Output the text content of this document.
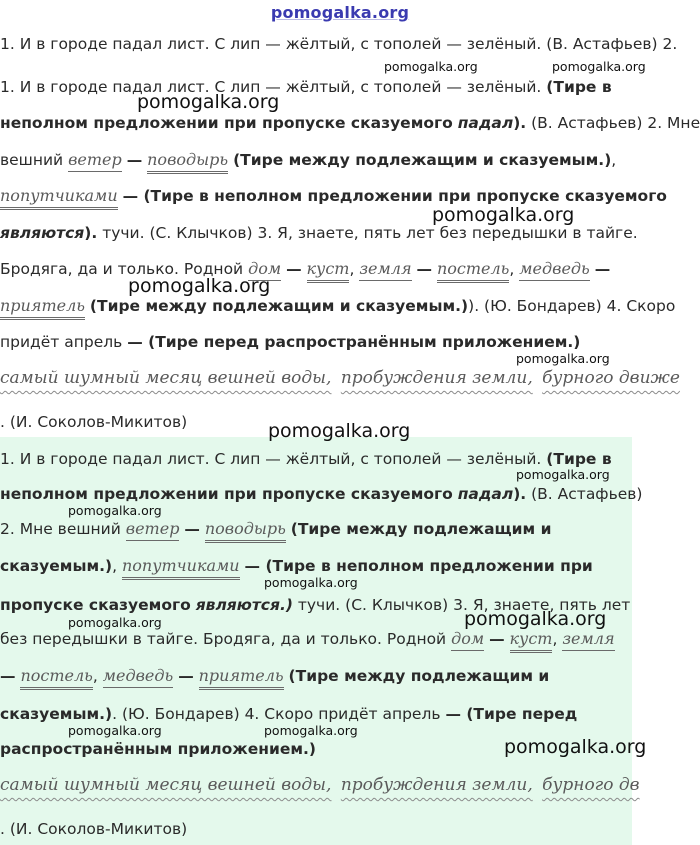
pomogalka.org
1. И в городе падал лист. С лип — жёлтый, с тополей — зелёный. (В. Астафьев) 2.
1. И в городе падал лист. С лип — жёлтый, с тополей — зелёный. (Тире в
неполном предложении при пропуске сказуемого падал). (В. Астафьев) 2. Мне
вешний ветер — поводырь (Тире между подлежащим и сказуемым.),
попутчиками — (Тире в неполном предложении при пропуске сказуемого
являются). тучи. (С. Клычков) 3. Я, знаете, пять лет без передышки в тайге.
Бродяга, да и только. Родной дом — куст, земля — постель, медведь —
приятель (Тире между подлежащим и сказуемым.)). (Ю. Бондарев) 4. Скоро
придёт апрель — (Тире перед распространённым приложением.)
самый шумный месяц вешней воды, пробуждения земли, бурного движе
. (И. Соколов-Микитов)
1. И в городе падал лист. С лип — жёлтый, с тополей — зелёный. (Тире в
неполном предложении при пропуске сказуемого падал). (В. Астафьев)
2. Мне вешний ветер — поводырь (Тире между подлежащим и
сказуемым.), попутчиками — (Тире в неполном предложении при
пропуске сказуемого являются.) тучи. (С. Клычков) 3. Я, знаете, пять лет
без передышки в тайге. Бродяга, да и только. Родной дом — куст, земля
— постель, медведь — приятель (Тире между подлежащим и
сказуемым.). (Ю. Бондарев) 4. Скоро придёт апрель — (Тире перед
распространённым приложением.)
самый шумный месяц вешней воды, пробуждения земли, бурного дв
. (И. Соколов-Микитов)
pomogalka.org	pomogalka.org
pomogalka.org
pomogalka.org
pomogalka.org
pomogalka.org
pomogalka.org
pomogalka.org
pomogalka.org
pomogalka.org
pomogalka.org
pomogalka.org
pomogalka.org	pomogalka.org
pomogalka.org
